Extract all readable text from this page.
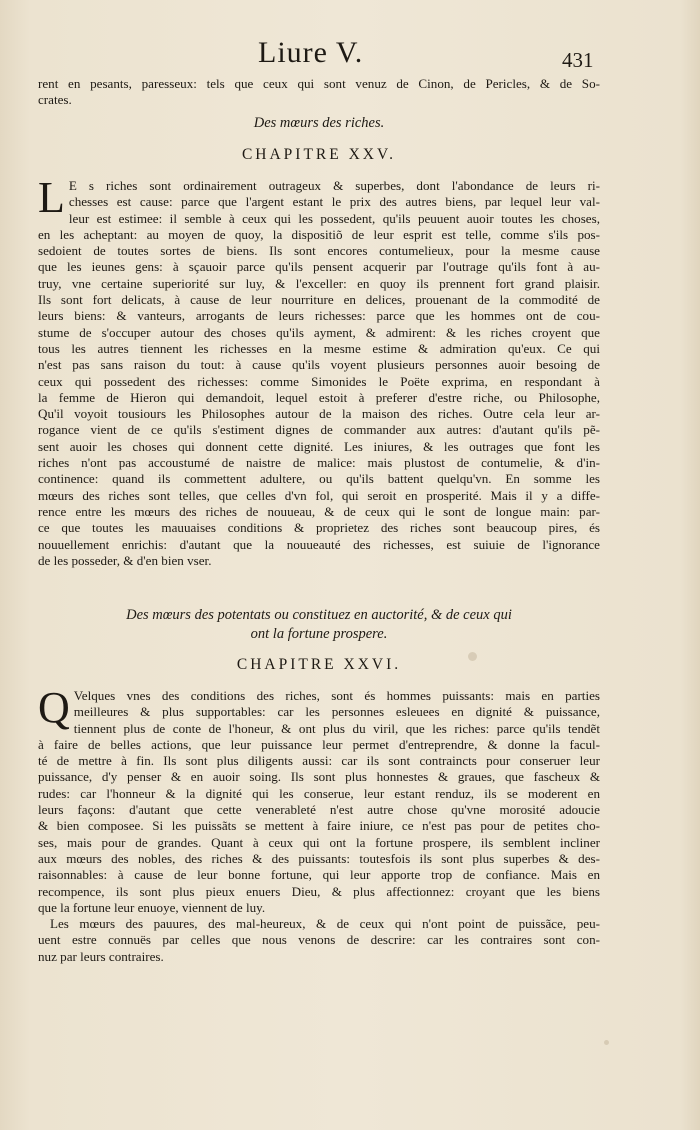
Liure V.	431
rent en pesants, paresseux: tels que ceux qui sont venuz de Cinon, de Pericles, & de So-
crates.
Des mœurs des riches.
CHAPITRE XXV.
L E s riches sont ordinairement outrageux & superbes, dont l'abondance de leurs ri-
chesses est cause: parce que l'argent estant le prix des autres biens, par lequel leur val-
leur est estimee: il semble à ceux qui les possedent, qu'ils peuuent auoir toutes les choses,
en les acheptant: au moyen de quoy, la dispositiõ de leur esprit est telle, comme s'ils pos-
sedoient de toutes sortes de biens. Ils sont encores contumelieux, pour la mesme cause
que les ieunes gens: à sçauoir parce qu'ils pensent acquerir par l'outrage qu'ils font à au-
truy, vne certaine superiorité sur luy, & l'exceller: en quoy ils prennent fort grand plaisir.
Ils sont fort delicats, à cause de leur nourriture en delices, prouenant de la commodité de
leurs biens: & vanteurs, arrogants de leurs richesses: parce que les hommes ont de cou-
stume de s'occuper autour des choses qu'ils ayment, & admirent: & les riches croyent que
tous les autres tiennent les richesses en la mesme estime & admiration qu'eux. Ce qui
n'est pas sans raison du tout: à cause qu'ils voyent plusieurs personnes auoir besoing de
ceux qui possedent des richesses: comme Simonides le Poëte exprima, en respondant à
la femme de Hieron qui demandoit, lequel estoit à preferer d'estre riche, ou Philosophe,
Qu'il voyoit tousiours les Philosophes autour de la maison des riches. Outre cela leur ar-
rogance vient de ce qu'ils s'estiment dignes de commander aux autres: d'autant qu'ils pẽ-
sent auoir les choses qui donnent cette dignité. Les iniures, & les outrages que font les
riches n'ont pas accoustumé de naistre de malice: mais plustost de contumelie, & d'in-
continence: quand ils commettent adultere, ou qu'ils battent quelqu'vn. En somme les
mœurs des riches sont telles, que celles d'vn fol, qui seroit en prosperité. Mais il y a diffe-
rence entre les mœurs des riches de nouueau, & de ceux qui le sont de longue main: par-
ce que toutes les mauuaises conditions & proprietez des riches sont beaucoup pires, és
nouuellement enrichis: d'autant que la nouueauté des richesses, est suiuie de l'ignorance
de les posseder, & d'en bien vser.
Des mœurs des potentats ou constituez en auctorité, & de ceux qui
ont la fortune prospere.
CHAPITRE XXVI.
Q Velques vnes des conditions des riches, sont és hommes puissants: mais en parties
meilleures & plus supportables: car les personnes esleuees en dignité & puissance,
tiennent plus de conte de l'honeur, & ont plus du viril, que les riches: parce qu'ils tendẽt
à faire de belles actions, que leur puissance leur permet d'entreprendre, & donne la facul-
té de mettre à fin. Ils sont plus diligents aussi: car ils sont contraincts pour conseruer leur
puissance, d'y penser & en auoir soing. Ils sont plus honnestes & graues, que fascheux &
rudes: car l'honneur & la dignité qui les conserue, leur estant renduz, ils se moderent en
leurs façons: d'autant que cette venerableté n'est autre chose qu'vne morosité adoucie
& bien composee. Si les puissãts se mettent à faire iniure, ce n'est pas pour de petites cho-
ses, mais pour de grandes. Quant à ceux qui ont la fortune prospere, ils semblent incliner
aux mœurs des nobles, des riches & des puissants: toutesfois ils sont plus superbes & des-
raisonnables: à cause de leur bonne fortune, qui leur apporte trop de confiance. Mais en
recompence, ils sont plus pieux enuers Dieu, & plus affectionnez: croyant que les biens
que la fortune leur enuoye, viennent de luy.
Les mœurs des pauures, des mal-heureux, & de ceux qui n'ont point de puissãce, peu-
uent estre connuës par celles que nous venons de descrire: car les contraires sont con-
nuz par leurs contraires.
